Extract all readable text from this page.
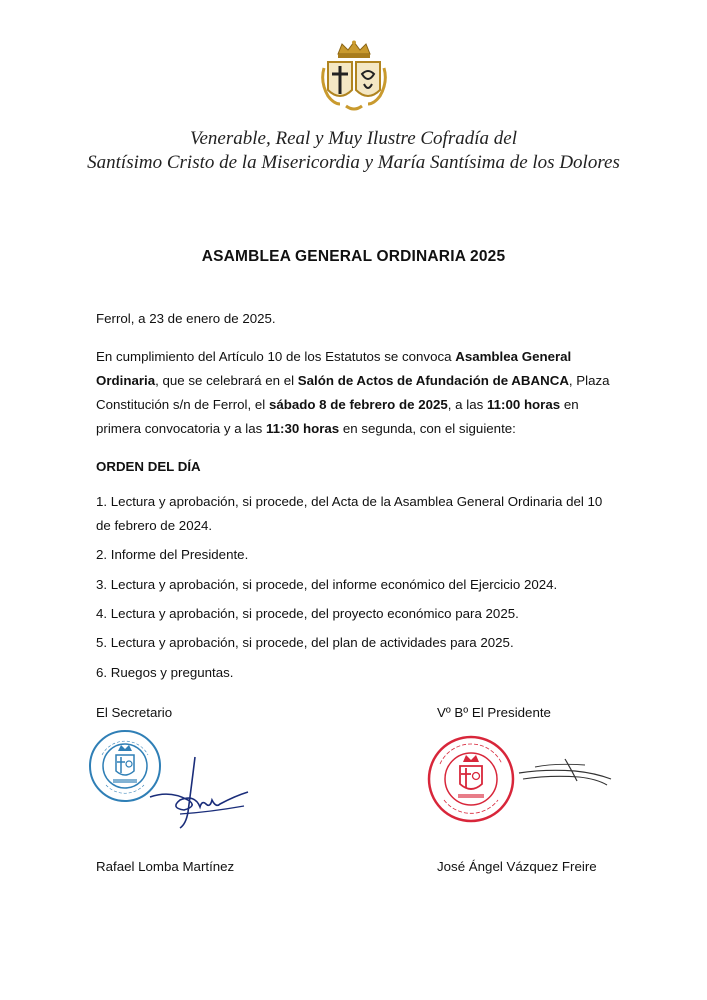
Venerable, Real y Muy Ilustre Cofradía del
Santísimo Cristo de la Misericordia y María Santísima de los Dolores
ASAMBLEA GENERAL ORDINARIA 2025
Ferrol, a 23 de enero de 2025.
En cumplimiento del Artículo 10 de los Estatutos se convoca Asamblea General Ordinaria, que se celebrará en el Salón de Actos de Afundación de ABANCA, Plaza Constitución s/n de Ferrol, el sábado 8 de febrero de 2025, a las 11:00 horas en primera convocatoria y a las 11:30 horas en segunda, con el siguiente:
ORDEN DEL DÍA
1. Lectura y aprobación, si procede, del Acta de la Asamblea General Ordinaria del 10 de febrero de 2024.
2. Informe del Presidente.
3. Lectura y aprobación, si procede, del informe económico del Ejercicio 2024.
4. Lectura y aprobación, si procede, del proyecto económico para 2025.
5. Lectura y aprobación, si procede, del plan de actividades para 2025.
6. Ruegos y preguntas.
El Secretario	Vº Bº El Presidente
Rafael Lomba Martínez	José Ángel Vázquez Freire
